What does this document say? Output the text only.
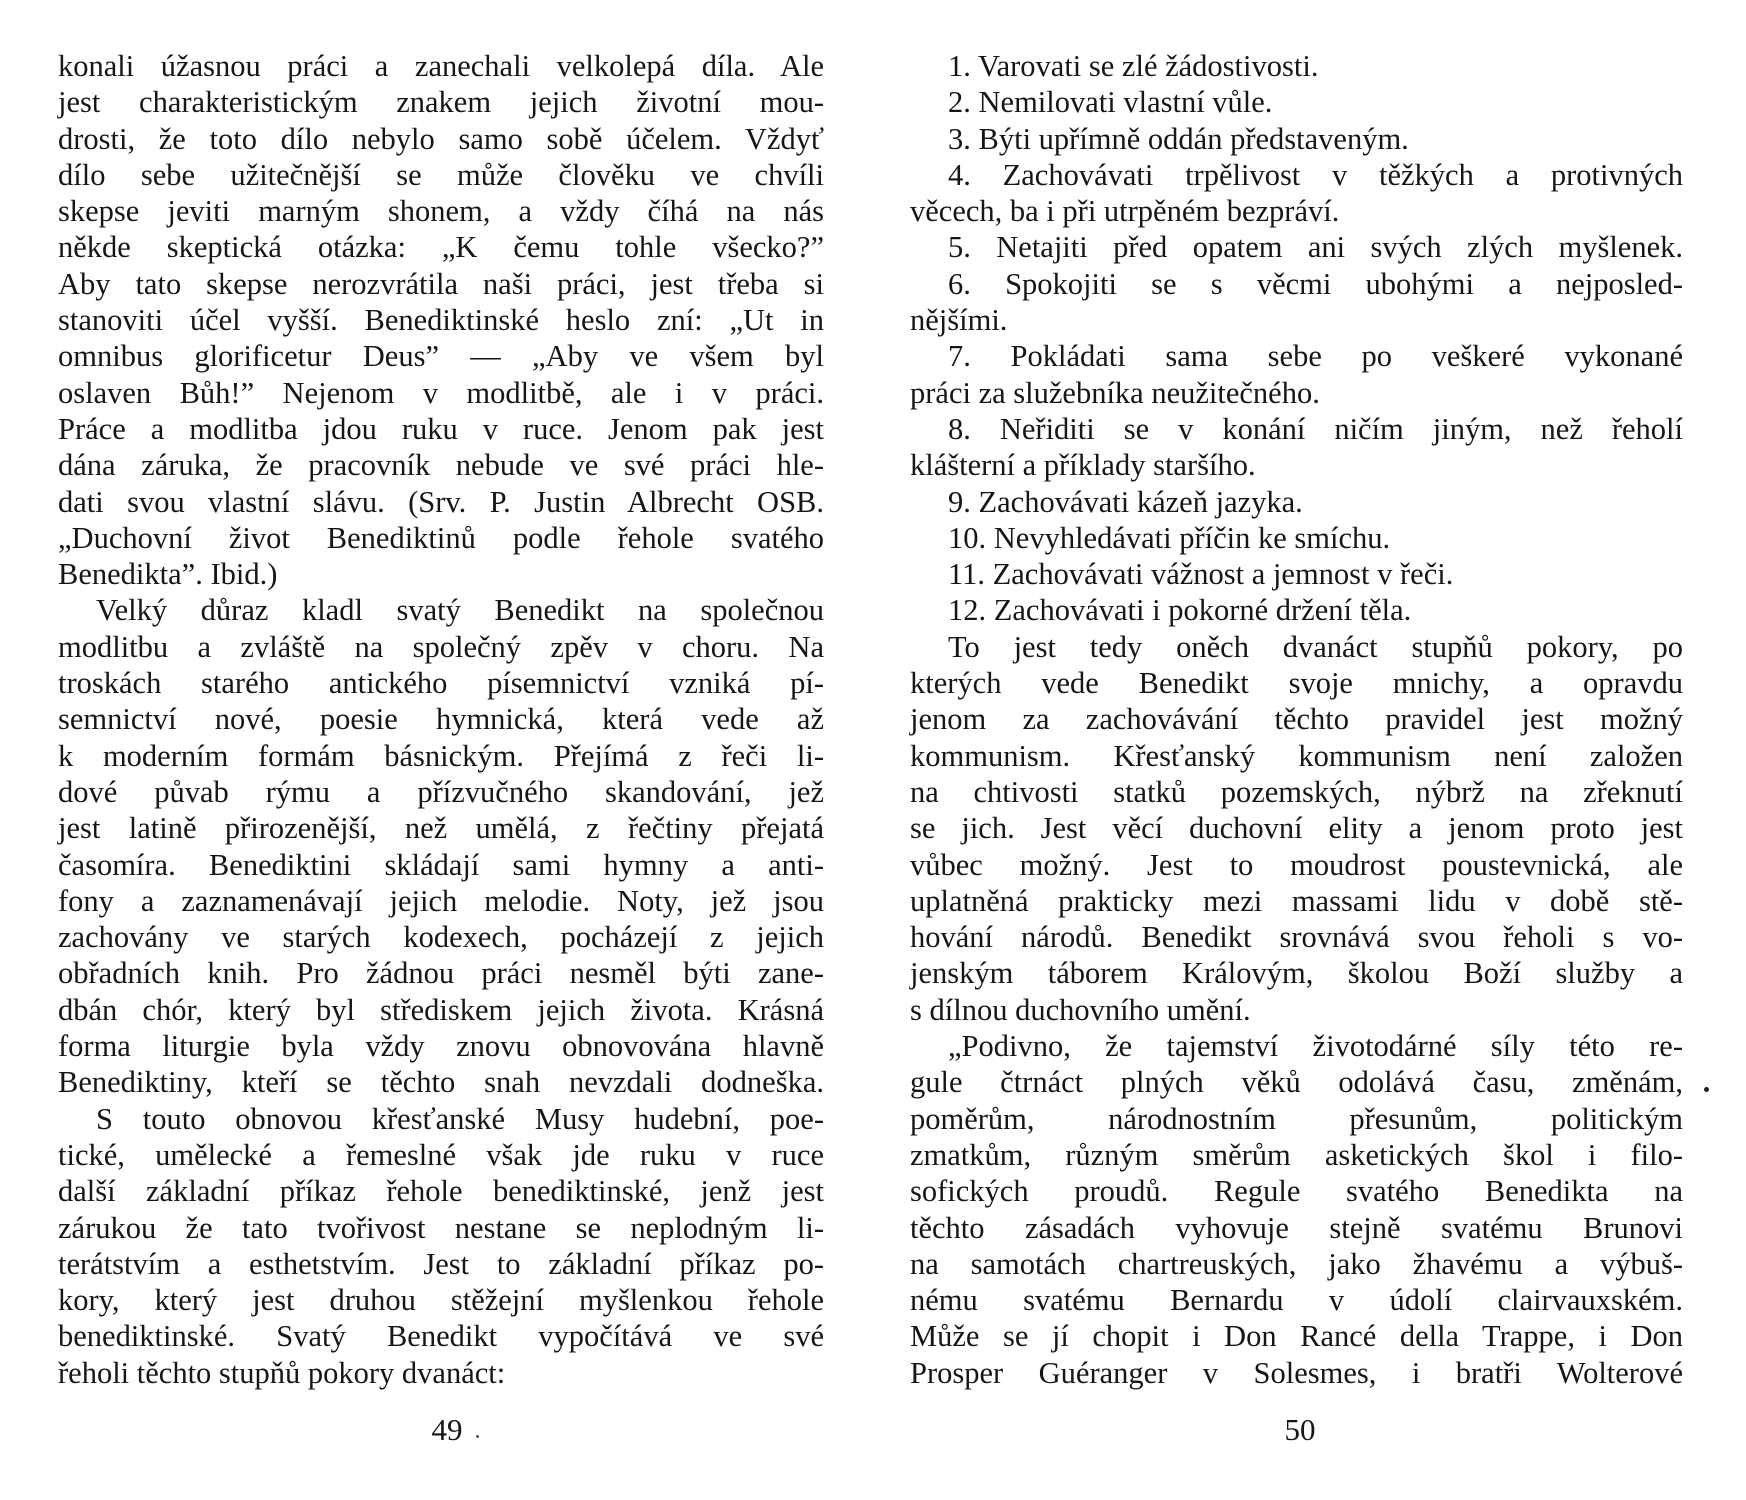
konali úžasnou práci a zanechali velkolepá díla. Ale
jest charakteristickým znakem jejich životní mou-
drosti, že toto dílo nebylo samo sobě účelem. Vždyť
dílo sebe užitečnější se může člověku ve chvíli
skepse jeviti marným shonem, a vždy číhá na nás
někde skeptická otázka: „K čemu tohle všecko?”
Aby tato skepse nerozvrátila naši práci, jest třeba si
stanoviti účel vyšší. Benediktinské heslo zní: „Ut in
omnibus glorificetur Deus” — „Aby ve všem byl
oslaven Bůh!” Nejenom v modlitbě, ale i v práci.
Práce a modlitba jdou ruku v ruce. Jenom pak jest
dána záruka, že pracovník nebude ve své práci hle-
dati svou vlastní slávu. (Srv. P. Justin Albrecht OSB.
„Duchovní život Benediktinů podle řehole svatého
Benedikta”. Ibid.)
Velký důraz kladl svatý Benedikt na společnou
modlitbu a zvláště na společný zpěv v choru. Na
troskách starého antického písemnictví vzniká pí-
semnictví nové, poesie hymnická, která vede až
k moderním formám básnickým. Přejímá z řeči li-
dové půvab rýmu a přízvučného skandování, jež
jest latině přirozenější, než umělá, z řečtiny přejatá
časomíra. Benediktini skládají sami hymny a anti-
fony a zaznamenávají jejich melodie. Noty, jež jsou
zachovány ve starých kodexech, pocházejí z jejich
obřadních knih. Pro žádnou práci nesměl býti zane-
dbán chór, který byl střediskem jejich života. Krásná
forma liturgie byla vždy znovu obnovována hlavně
Benediktiny, kteří se těchto snah nevzdali dodneška.
S touto obnovou křesťanské Musy hudební, poe-
tické, umělecké a řemeslné však jde ruku v ruce
další základní příkaz řehole benediktinské, jenž jest
zárukou že tato tvořivost nestane se neplodným li-
terátstvím a esthetstvím. Jest to základní příkaz po-
kory, který jest druhou stěžejní myšlenkou řehole
benediktinské. Svatý Benedikt vypočítává ve své
řeholi těchto stupňů pokory dvanáct:
1. Varovati se zlé žádostivosti.
2. Nemilovati vlastní vůle.
3. Býti upřímně oddán představeným.
4. Zachovávati trpělivost v těžkých a protivných
věcech, ba i při utrpěném bezpráví.
5. Netajiti před opatem ani svých zlých myšlenek.
6. Spokojiti se s věcmi ubohými a nejposled-
nějšími.
7. Pokládati sama sebe po veškeré vykonané
práci za služebníka neužitečného.
8. Neřiditi se v konání ničím jiným, než řeholí
klášterní a příklady staršího.
9. Zachovávati kázeň jazyka.
10. Nevyhledávati příčin ke smíchu.
11. Zachovávati vážnost a jemnost v řeči.
12. Zachovávati i pokorné držení těla.
To jest tedy oněch dvanáct stupňů pokory, po
kterých vede Benedikt svoje mnichy, a opravdu
jenom za zachovávání těchto pravidel jest možný
kommunism. Křesťanský kommunism není založen
na chtivosti statků pozemských, nýbrž na zřeknutí
se jich. Jest věcí duchovní elity a jenom proto jest
vůbec možný. Jest to moudrost poustevnická, ale
uplatněná prakticky mezi massami lidu v době stě-
hování národů. Benedikt srovnává svou řeholi s vo-
jenským táborem Královým, školou Boží služby a
s dílnou duchovního umění.
„Podivno, že tajemství životodárné síly této re-
gule čtrnáct plných věků odolává času, změnám,
poměrům, národnostním přesunům, politickým
zmatkům, různým směrům asketických škol i filo-
sofických proudů. Regule svatého Benedikta na
těchto zásadách vyhovuje stejně svatému Brunovi
na samotách chartreuských, jako žhavému a výbuš-
nému svatému Bernardu v údolí clairvauxském.
Může se jí chopit i Don Rancé della Trappe, i Don
Prosper Guéranger v Solesmes, i bratři Wolterové
49	50
